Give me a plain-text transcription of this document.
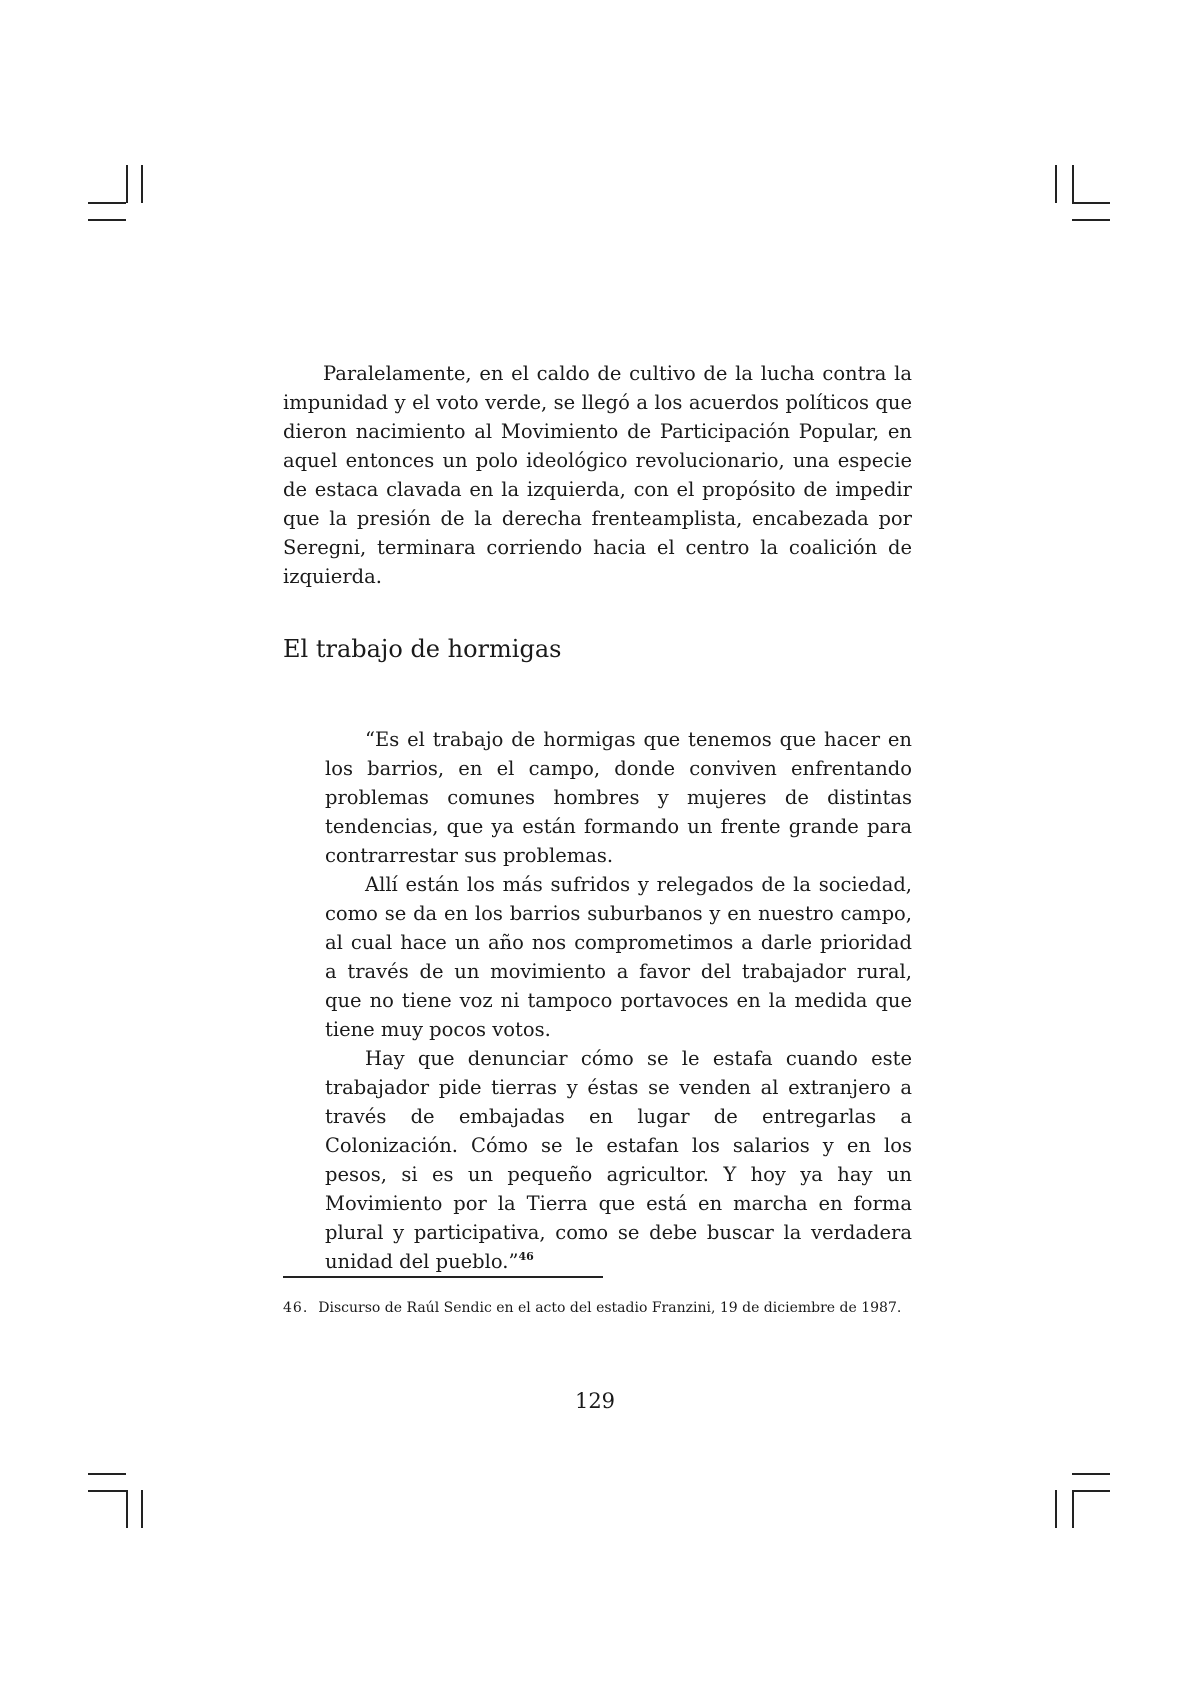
Paralelamente, en el caldo de cultivo de la lucha contra la impunidad y el voto verde, se llegó a los acuerdos políticos que dieron nacimiento al Movimiento de Participación Popular, en aquel entonces un polo ideológico revolucionario, una especie de estaca clavada en la izquierda, con el propósito de impedir que la presión de la derecha frenteamplista, encabezada por Seregni, terminara corriendo hacia el centro la coalición de izquierda.

El trabajo de hormigas

“Es el trabajo de hormigas que tenemos que hacer en los barrios, en el campo, donde conviven enfrentando problemas comunes hombres y mujeres de distintas tendencias, que ya están formando un frente grande para contrarrestar sus problemas.

Allí están los más sufridos y relegados de la sociedad, como se da en los barrios suburbanos y en nuestro campo, al cual hace un año nos comprometimos a darle prioridad a través de un movimiento a favor del trabajador rural, que no tiene voz ni tampoco portavoces en la medida que tiene muy pocos votos.

Hay que denunciar cómo se le estafa cuando este trabajador pide tierras y éstas se venden al extranjero a través de embajadas en lugar de entregarlas a Colonización. Cómo se le estafan los salarios y en los pesos, si es un pequeño agricultor. Y hoy ya hay un Movimiento por la Tierra que está en marcha en forma plural y participativa, como se debe buscar la verdadera unidad del pueblo.”$^{46}$

46. Discurso de Raúl Sendic en el acto del estadio Franzini, 19 de diciembre de 1987.
129
